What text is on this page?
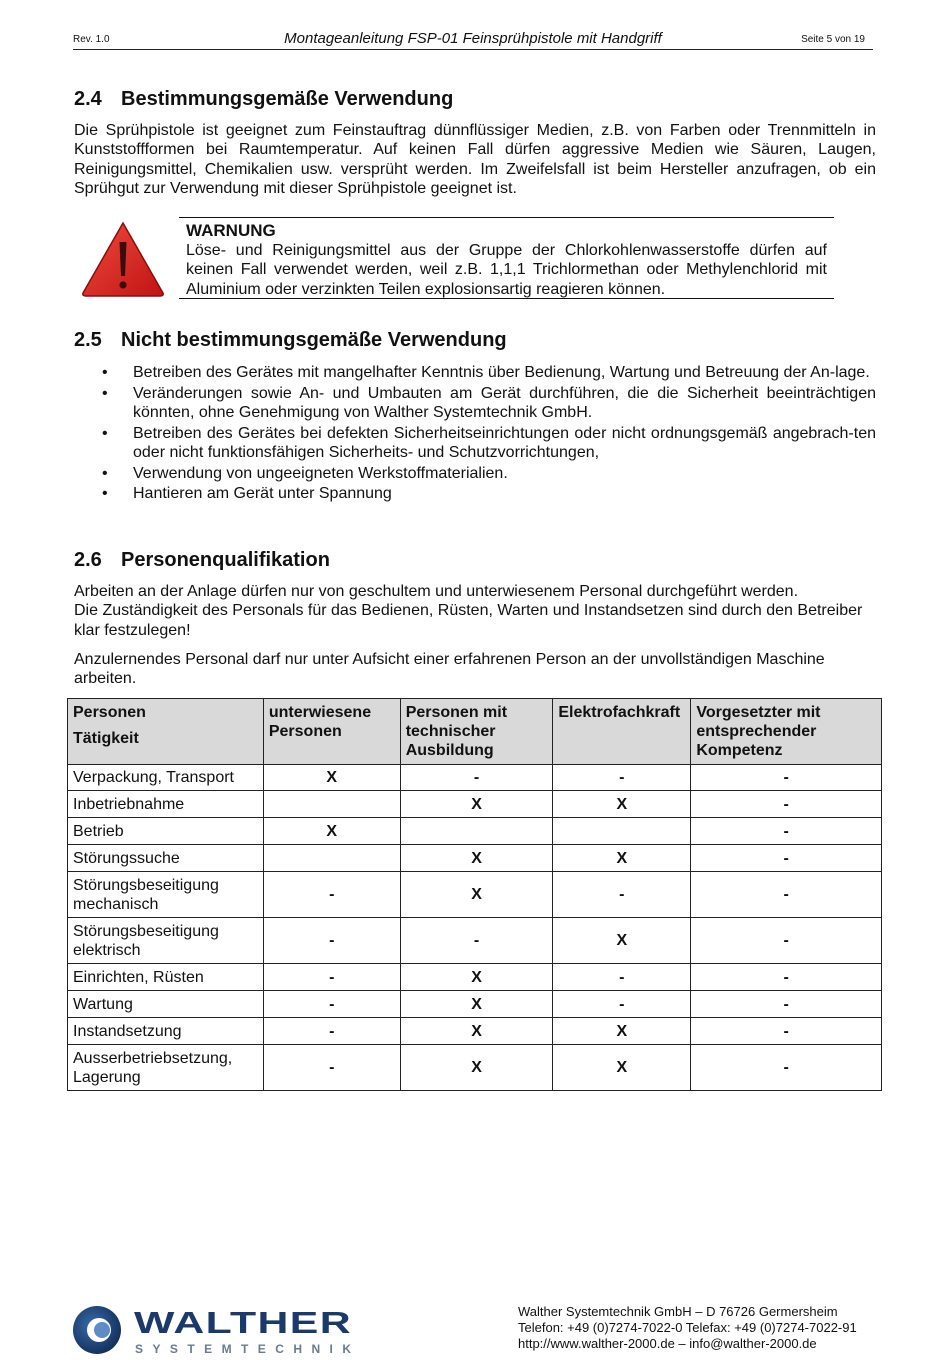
Rev. 1.0	Montageanleitung FSP-01 Feinsprühpistole mit Handgriff	Seite 5 von 19
2.4 Bestimmungsgemäße Verwendung
Die Sprühpistole ist geeignet zum Feinstauftrag dünnflüssiger Medien, z.B. von Farben oder Trennmitteln in Kunststoffformen bei Raumtemperatur. Auf keinen Fall dürfen aggressive Medien wie Säuren, Laugen, Reinigungsmittel, Chemikalien usw. versprüht werden. Im Zweifelsfall ist beim Hersteller anzufragen, ob ein Sprühgut zur Verwendung mit dieser Sprühpistole geeignet ist.
WARNUNG
Löse- und Reinigungsmittel aus der Gruppe der Chlorkohlenwasserstoffe dürfen auf keinen Fall verwendet werden, weil z.B. 1,1,1 Trichlormethan oder Methylenchlorid mit Aluminium oder verzinkten Teilen explosionsartig reagieren können.
2.5 Nicht bestimmungsgemäße Verwendung
• Betreiben des Gerätes mit mangelhafter Kenntnis über Bedienung, Wartung und Betreuung der An-lage.
• Veränderungen sowie An- und Umbauten am Gerät durchführen, die die Sicherheit beeinträchtigen könnten, ohne Genehmigung von Walther Systemtechnik GmbH.
• Betreiben des Gerätes bei defekten Sicherheitseinrichtungen oder nicht ordnungsgemäß angebrach-ten oder nicht funktionsfähigen Sicherheits- und Schutzvorrichtungen,
• Verwendung von ungeeigneten Werkstoffmaterialien.
• Hantieren am Gerät unter Spannung
2.6 Personenqualifikation
Arbeiten an der Anlage dürfen nur von geschultem und unterwiesenem Personal durchgeführt werden.
Die Zuständigkeit des Personals für das Bedienen, Rüsten, Warten und Instandsetzen sind durch den Betreiber klar festzulegen!
Anzulernendes Personal darf nur unter Aufsicht einer erfahrenen Person an der unvollständigen Maschine arbeiten.
Personen
Tätigkeit	unterwiesene Personen	Personen mit technischer Ausbildung	Elektrofachkraft	Vorgesetzter mit entsprechender Kompetenz
Verpackung, Transport	X	-	-	-
Inbetriebnahme		X	X	-
Betrieb	X			-
Störungssuche		X	X	-
Störungsbeseitigung mechanisch	-	X	-	-
Störungsbeseitigung elektrisch	-	-	X	-
Einrichten, Rüsten	-	X	-	-
Wartung	-	X	-	-
Instandsetzung	-	X	X	-
Ausserbetriebsetzung, Lagerung	-	X	X	-
WALTHER
SYSTEMTECHNIK
Walther Systemtechnik GmbH – D 76726 Germersheim
Telefon: +49 (0)7274-7022-0 Telefax: +49 (0)7274-7022-91
http://www.walther-2000.de – info@walther-2000.de
